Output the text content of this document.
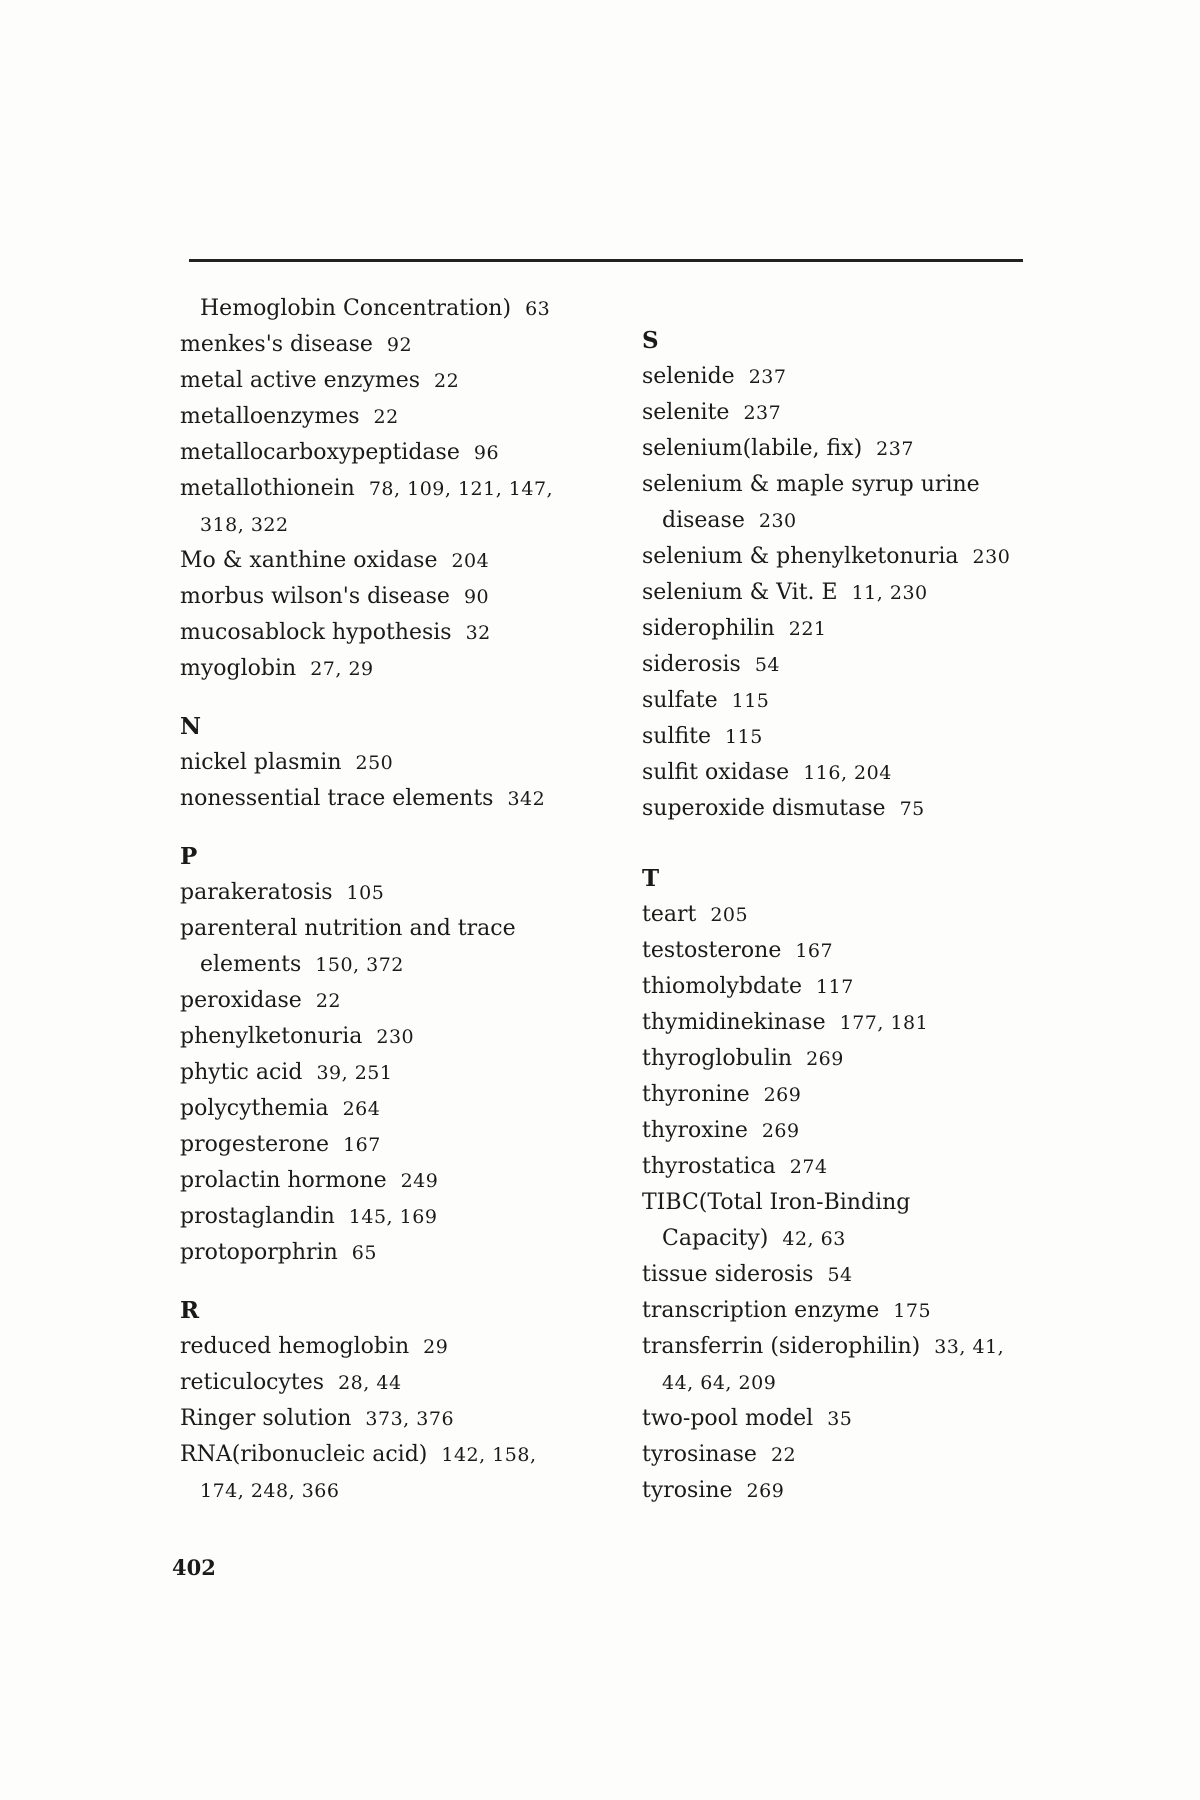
Hemoglobin Concentration) 63
menkes's disease 92
metal active enzymes 22
metalloenzymes 22
metallocarboxypeptidase 96
metallothionein 78, 109, 121, 147,
318, 322
Mo & xanthine oxidase 204
morbus wilson's disease 90
mucosablock hypothesis 32
myoglobin 27, 29
N
nickel plasmin 250
nonessential trace elements 342
P
parakeratosis 105
parenteral nutrition and trace
elements 150, 372
peroxidase 22
phenylketonuria 230
phytic acid 39, 251
polycythemia 264
progesterone 167
prolactin hormone 249
prostaglandin 145, 169
protoporphrin 65
R
reduced hemoglobin 29
reticulocytes 28, 44
Ringer solution 373, 376
RNA(ribonucleic acid) 142, 158,
174, 248, 366
S
selenide 237
selenite 237
selenium(labile, fix) 237
selenium & maple syrup urine
disease 230
selenium & phenylketonuria 230
selenium & Vit. E 11, 230
siderophilin 221
siderosis 54
sulfate 115
sulfite 115
sulfit oxidase 116, 204
superoxide dismutase 75
T
teart 205
testosterone 167
thiomolybdate 117
thymidinekinase 177, 181
thyroglobulin 269
thyronine 269
thyroxine 269
thyrostatica 274
TIBC(Total Iron-Binding
Capacity) 42, 63
tissue siderosis 54
transcription enzyme 175
transferrin (siderophilin) 33, 41,
44, 64, 209
two-pool model 35
tyrosinase 22
tyrosine 269
402
